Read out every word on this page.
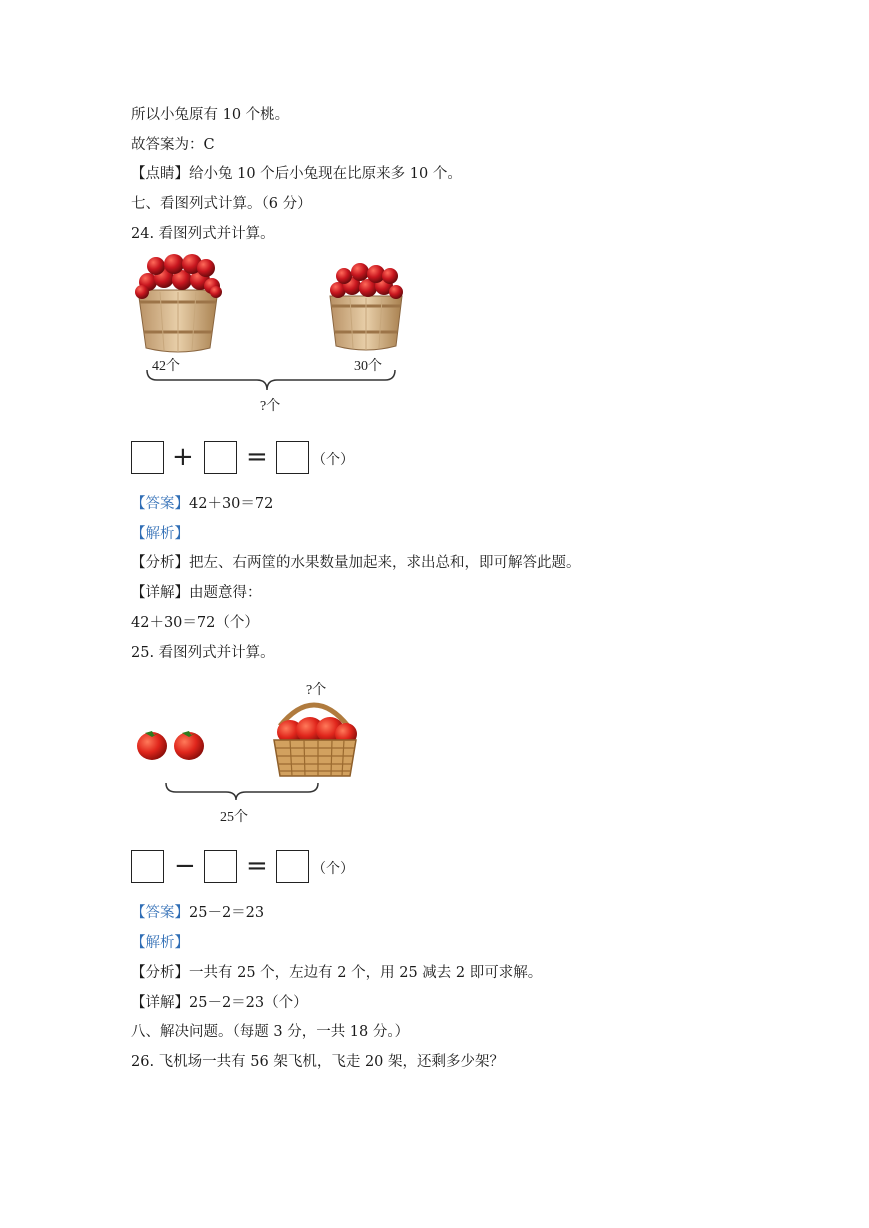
所以小兔原有 10 个桃。
故答案为：C
【点睛】给小兔 10 个后小兔现在比原来多 10 个。
七、看图列式计算。（6 分）
24. 看图列式并计算。
42个	30个
?个
+ =	（个）
【答案】42＋30＝72
【解析】
【分析】把左、右两筐的水果数量加起来，求出总和，即可解答此题。
【详解】由题意得：
42＋30＝72（个）
25. 看图列式并计算。
?个
25个
− =	（个）
【答案】25－2＝23
【解析】
【分析】一共有 25 个，左边有 2 个，用 25 减去 2 即可求解。
【详解】25－2＝23（个）
八、解决问题。（每题 3 分，一共 18 分。）
26. 飞机场一共有 56 架飞机，飞走 20 架，还剩多少架？
